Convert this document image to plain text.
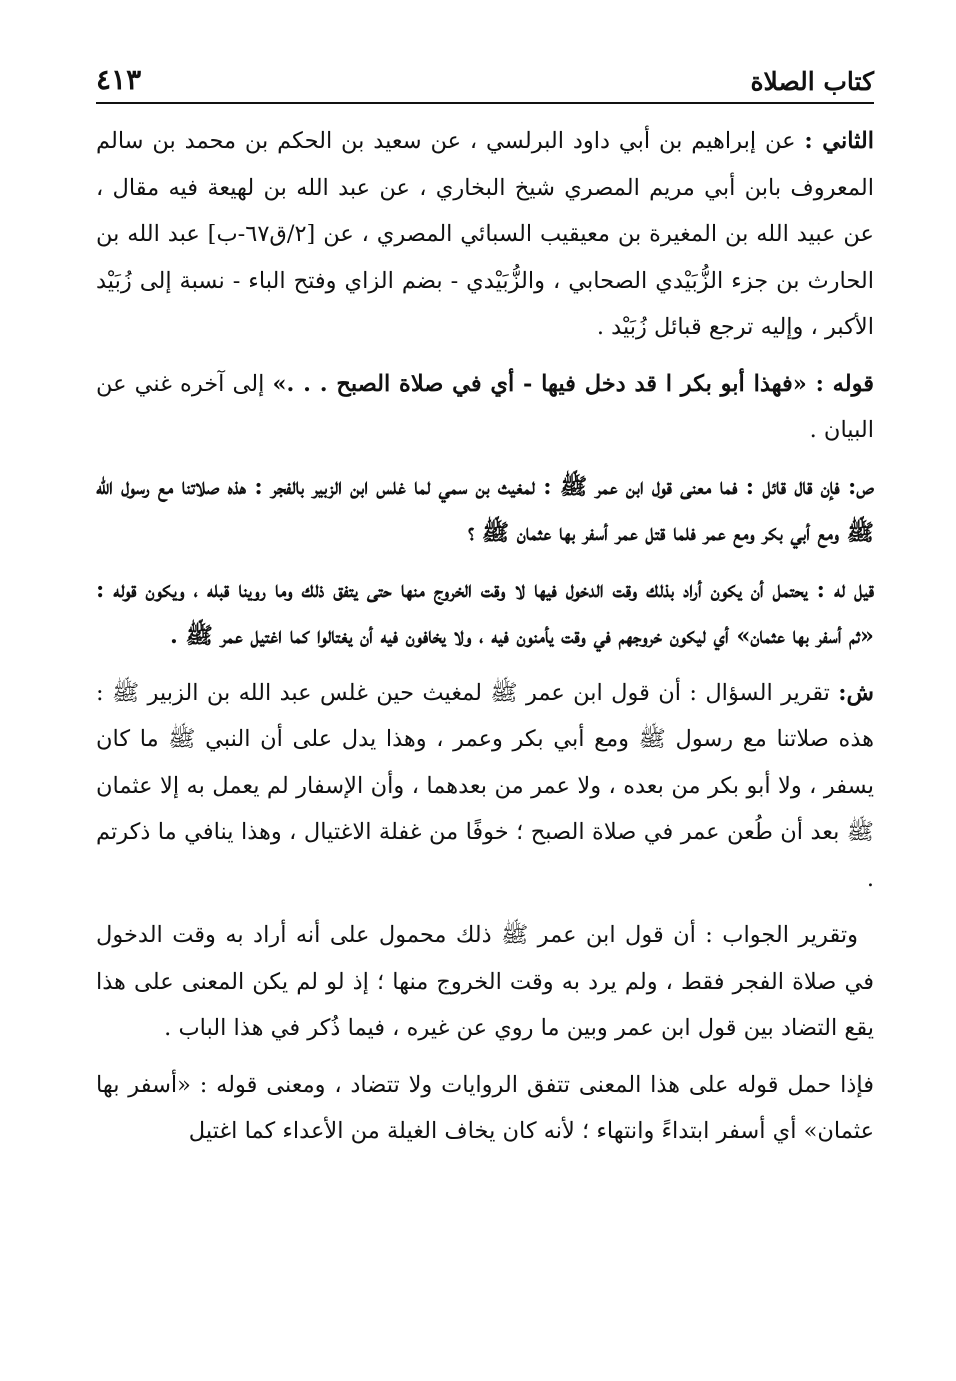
كتاب الصلاة
٤١٣

الثاني : عن إبراهيم بن أبي داود البرلسي ، عن سعيد بن الحكم بن محمد بن سالم المعروف بابن أبي مريم المصري شيخ البخاري ، عن عبد الله بن لهيعة فيه مقال ، عن عبيد الله بن المغيرة بن معيقيب السبائي المصري ، عن [٢/ق٦٧-ب] عبد الله بن الحارث بن جزء الزُّبَيْدي الصحابي ، والزُّبَيْدي - بضم الزاي وفتح الباء - نسبة إلى زُبَيْد الأكبر ، وإليه ترجع قبائل زُبَيْد .

قوله : «فهذا أبو بكر ا قد دخل فيها - أي في صلاة الصبح . . .» إلى آخره غني عن البيان .

ص: فإن قال قائل : فما معنى قول ابن عمر ﷺ : لمغيث بن سمي لما غلس ابن الزبير بالفجر : هذه صلاتنا مع رسول الله ﷺ ومع أبي بكر ومع عمر فلما قتل عمر أسفر بها عثمان ﷺ ؟

قيل له : يحتمل أن يكون أراد بذلك وقت الدخول فيها لا وقت الخروج منها حتى يتفق ذلك وما روينا قبله ، ويكون قوله : «ثم أسفر بها عثمان» أي ليكون خروجهم في وقت يأمنون فيه ، ولا يخافون فيه أن يغتالوا كما اغتيل عمر ﷺ .

ش: تقرير السؤال : أن قول ابن عمر ﷺ لمغيث حين غلس عبد الله بن الزبير ﷺ : هذه صلاتنا مع رسول ﷺ ومع أبي بكر وعمر ، وهذا يدل على أن النبي ﷺ ما كان يسفر ، ولا أبو بكر من بعده ، ولا عمر من بعدهما ، وأن الإسفار لم يعمل به إلا عثمان ﷺ بعد أن طُعن عمر في صلاة الصبح ؛ خوفًا من غفلة الاغتيال ، وهذا ينافي ما ذكرتم .

وتقرير الجواب : أن قول ابن عمر ﷺ ذلك محمول على أنه أراد به وقت الدخول في صلاة الفجر فقط ، ولم يرد به وقت الخروج منها ؛ إذ لو لم يكن المعنى على هذا يقع التضاد بين قول ابن عمر وبين ما روي عن غيره ، فيما ذُكر في هذا الباب .

فإذا حمل قوله على هذا المعنى تتفق الروايات ولا تتضاد ، ومعنى قوله : «أسفر بها عثمان» أي أسفر ابتداءً وانتهاء ؛ لأنه كان يخاف الغيلة من الأعداء كما اغتيل
